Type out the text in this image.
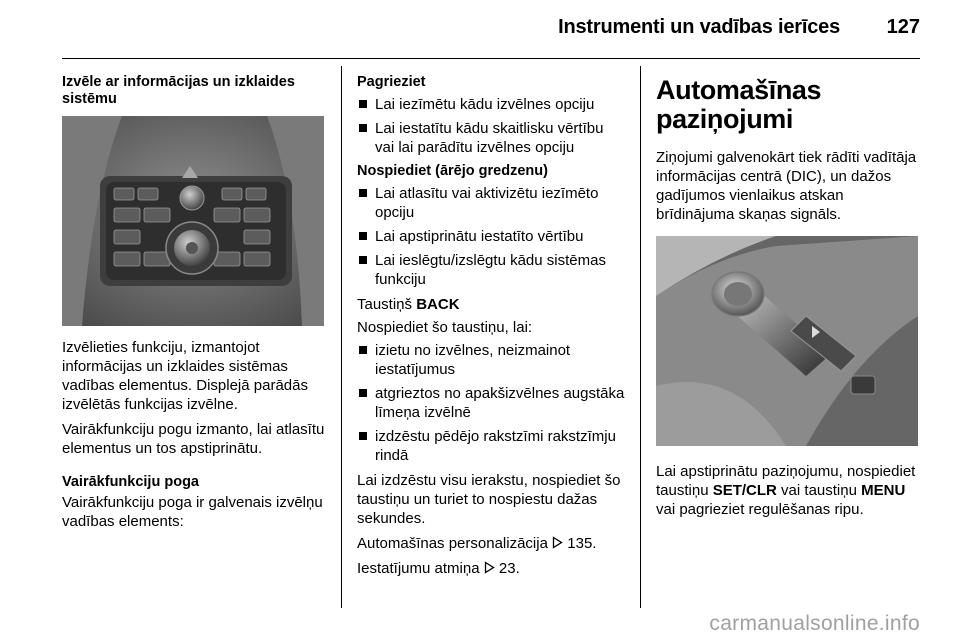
Instrumenti un vadības ierīces 127
Izvēle ar informācijas un izklaides sistēmu

Izvēlieties funkciju, izmantojot informācijas un izklaides sistēmas vadības elementus. Displejā parādās izvēlētās funkcijas izvēlne.

Vairākfunkciju pogu izmanto, lai atlasītu elementus un tos apstiprinātu.

Vairākfunkciju poga

Vairākfunkciju poga ir galvenais izvēlņu vadības elements:

Pagrieziet
Lai iezīmētu kādu izvēlnes opciju
Lai iestatītu kādu skaitlisku vērtību vai lai parādītu izvēlnes opciju
Nospiediet (ārējo gredzenu)
Lai atlasītu vai aktivizētu iezīmēto opciju
Lai apstiprinātu iestatīto vērtību
Lai ieslēgtu/izslēgtu kādu sistēmas funkciju

Taustiņš BACK

Nospiediet šo taustiņu, lai:

izietu no izvēlnes, neizmainot iestatījumus
atgrieztos no apakšizvēlnes augstāka līmeņa izvēlnē
izdzēstu pēdējo rakstzīmi rakstzīmju rindā

Lai izdzēstu visu ierakstu, nospiediet šo taustiņu un turiet to nospiestu dažas sekundes.

Automašīnas personalizācija 135.

Iestatījumu atmiņa 23.

Automašīnas
paziņojumi

Ziņojumi galvenokārt tiek rādīti vadītāja informācijas centrā (DIC), un dažos gadījumos vienlaikus atskan brīdinājuma skaņas signāls.

Lai apstiprinātu paziņojumu, nospiediet taustiņu SET/CLR vai taustiņu MENU vai pagrieziet regulēšanas ripu.

carmanualsonline.info
